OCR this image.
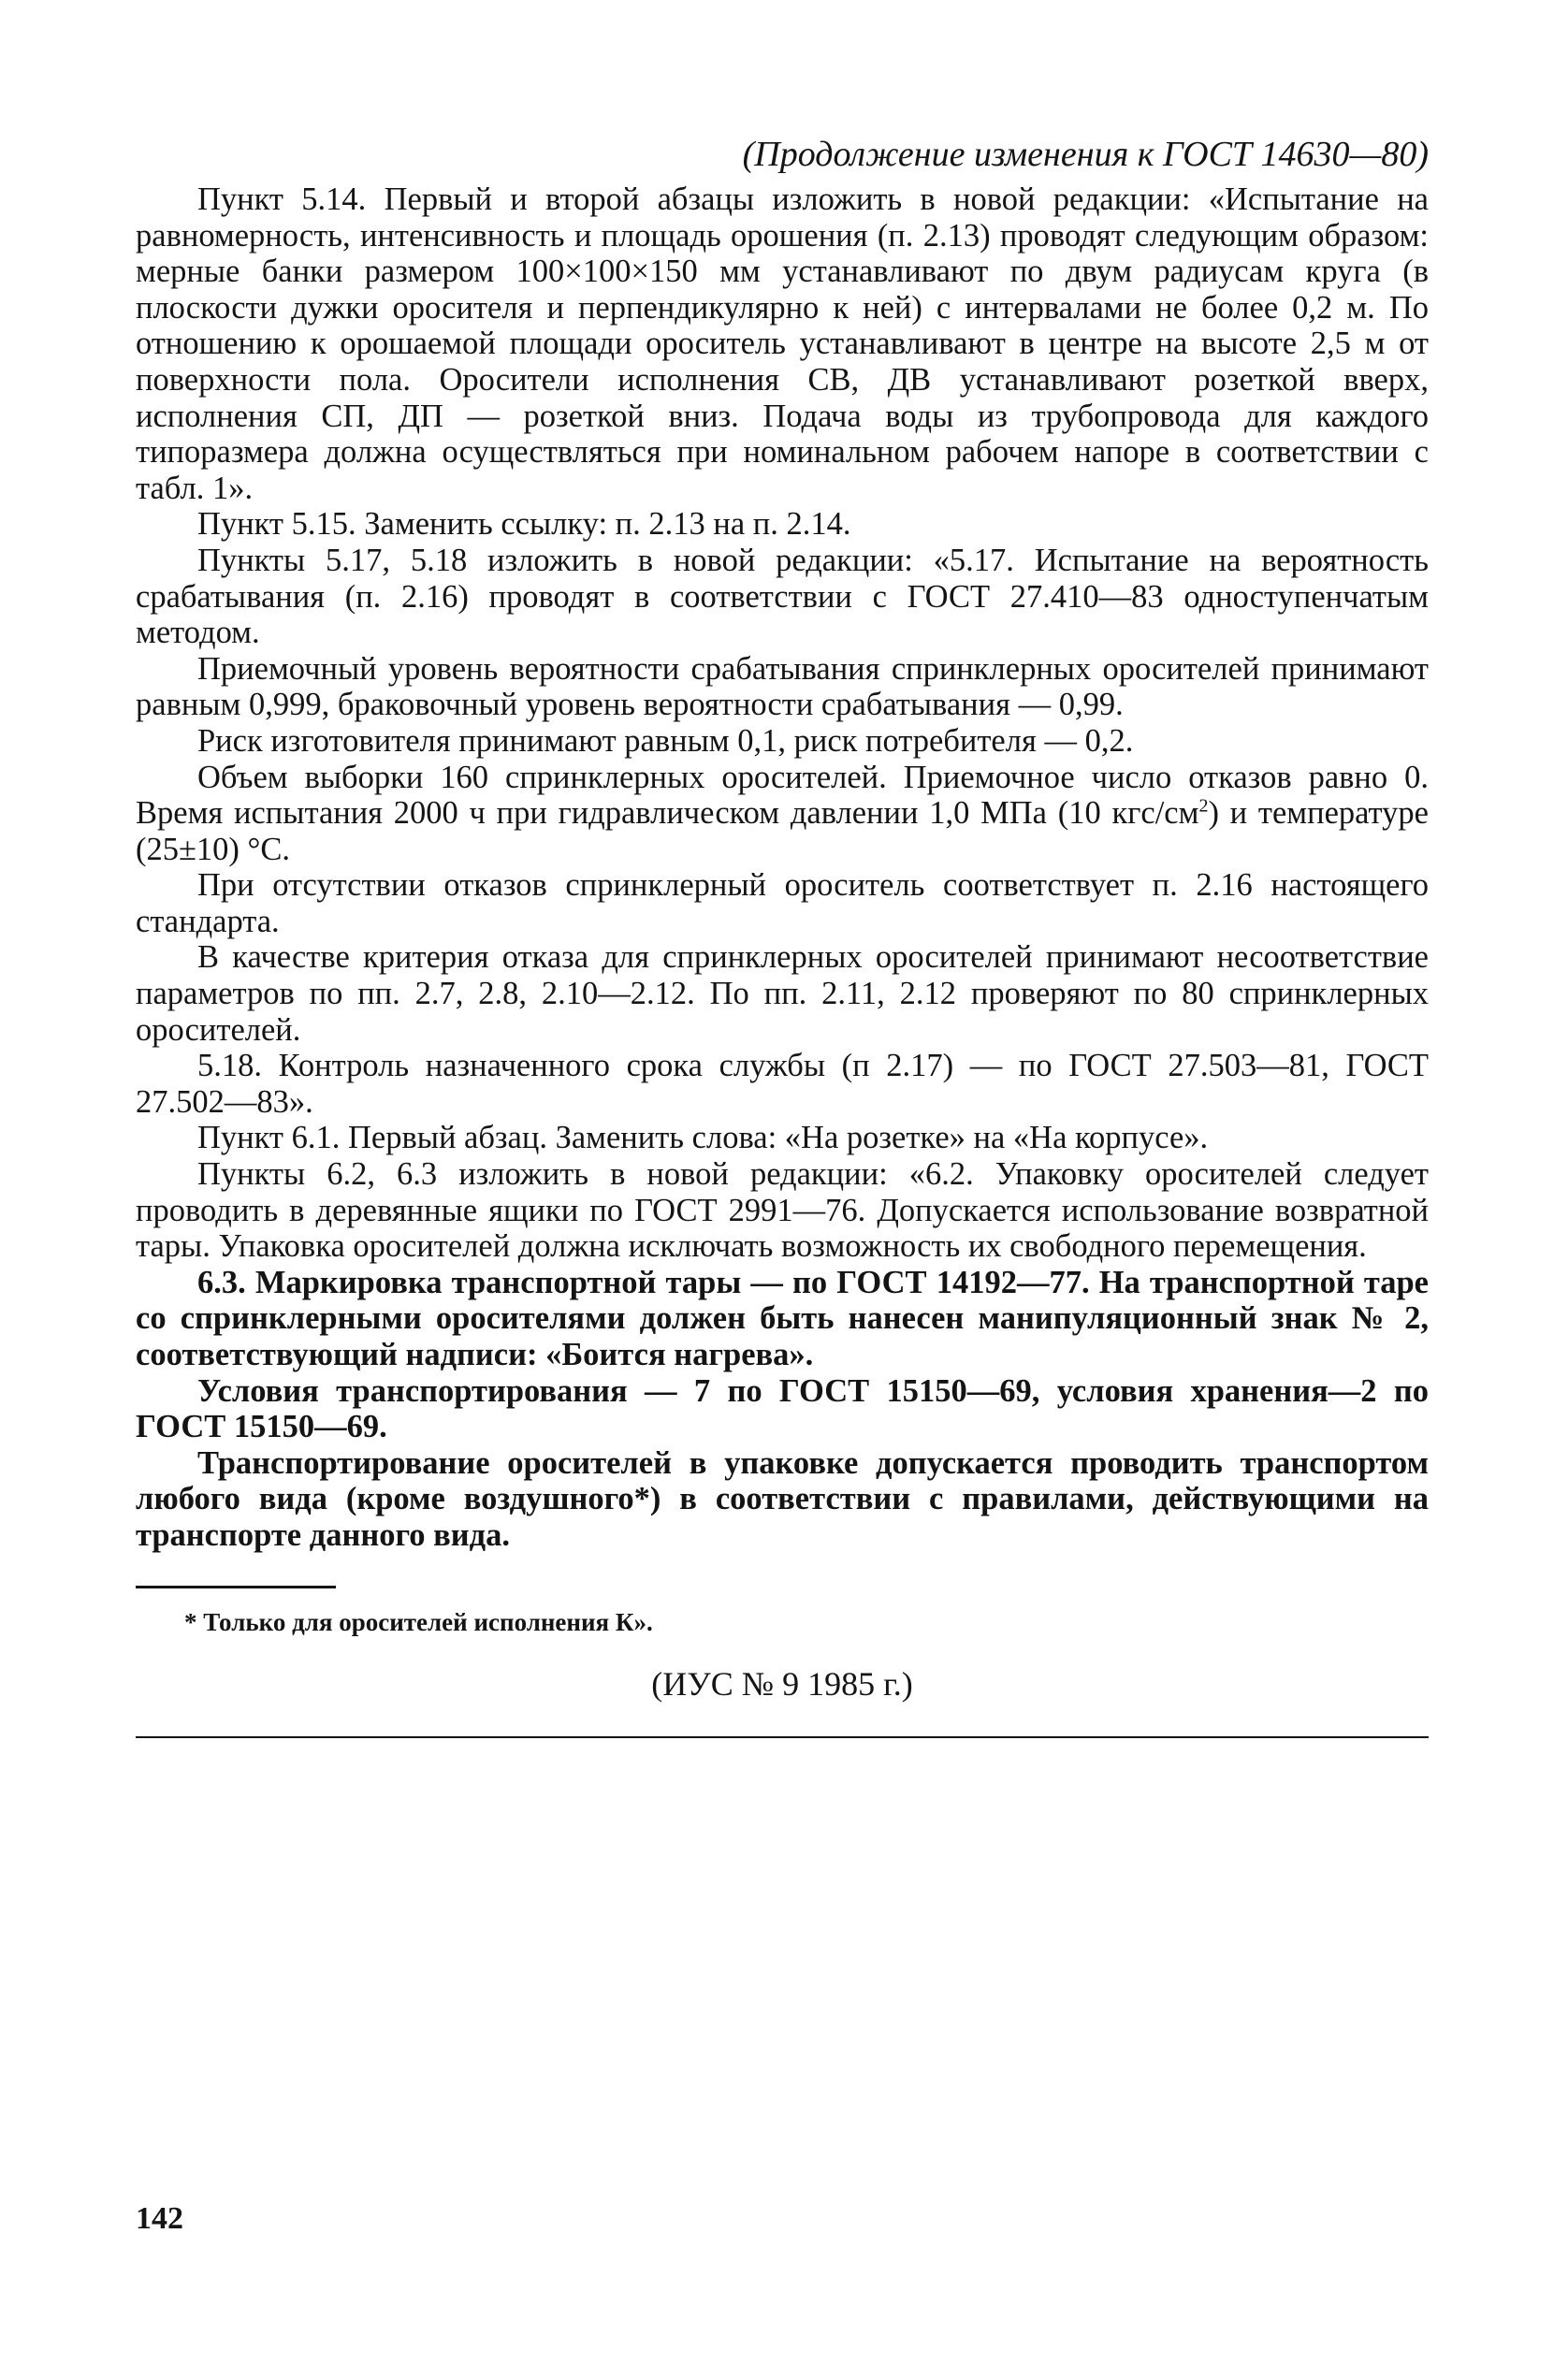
(Продолжение изменения к ГОСТ 14630—80)

Пункт 5.14. Первый и второй абзацы изложить в новой редакции: «Испытание на равномерность, интенсивность и площадь орошения (п. 2.13) проводят следующим образом: мерные банки размером 100×100×150 мм устанавливают по двум радиусам круга (в плоскости дужки оросителя и перпендикулярно к ней) с интервалами не более 0,2 м. По отношению к орошаемой площади ороситель устанавливают в центре на высоте 2,5 м от поверхности пола. Оросители исполнения СВ, ДВ устанавливают розеткой вверх, исполнения СП, ДП — розеткой вниз. Подача воды из трубопровода для каждого типоразмера должна осуществляться при номинальном рабочем напоре в соответствии с табл. 1».

Пункт 5.15. Заменить ссылку: п. 2.13 на п. 2.14.

Пункты 5.17, 5.18 изложить в новой редакции: «5.17. Испытание на вероятность срабатывания (п. 2.16) проводят в соответствии с ГОСТ 27.410—83 одноступенчатым методом.

Приемочный уровень вероятности срабатывания спринклерных оросителей принимают равным 0,999, браковочный уровень вероятности срабатывания — 0,99.

Риск изготовителя принимают равным 0,1, риск потребителя — 0,2.

Объем выборки 160 спринклерных оросителей. Приемочное число отказов равно 0. Время испытания 2000 ч при гидравлическом давлении 1,0 МПа (10 кгс/$см^2$) и температуре (25±10) °С.

При отсутствии отказов спринклерный ороситель соответствует п. 2.16 настоящего стандарта.

В качестве критерия отказа для спринклерных оросителей принимают несоответствие параметров по пп. 2.7, 2.8, 2.10—2.12. По пп. 2.11, 2.12 проверяют по 80 спринклерных оросителей.

5.18. Контроль назначенного срока службы (п 2.17) — по ГОСТ 27.503—81, ГОСТ 27.502—83».

Пункт 6.1. Первый абзац. Заменить слова: «На розетке» на «На корпусе».

Пункты 6.2, 6.3 изложить в новой редакции: «6.2. Упаковку оросителей следует проводить в деревянные ящики по ГОСТ 2991—76. Допускается использование возвратной тары. Упаковка оросителей должна исключать возможность их свободного перемещения.

6.3. Маркировка транспортной тары — по ГОСТ 14192—77. На транспортной таре со спринклерными оросителями должен быть нанесен манипуляционный знак № 2, соответствующий надписи: «Боится нагрева».

Условия транспортирования — 7 по ГОСТ 15150—69, условия хранения—2 по ГОСТ 15150—69.

Транспортирование оросителей в упаковке допускается проводить транспортом любого вида (кроме воздушного*) в соответствии с правилами, действующими на транспорте данного вида.

* Только для оросителей исполнения К».

(ИУС № 9 1985 г.)
142
